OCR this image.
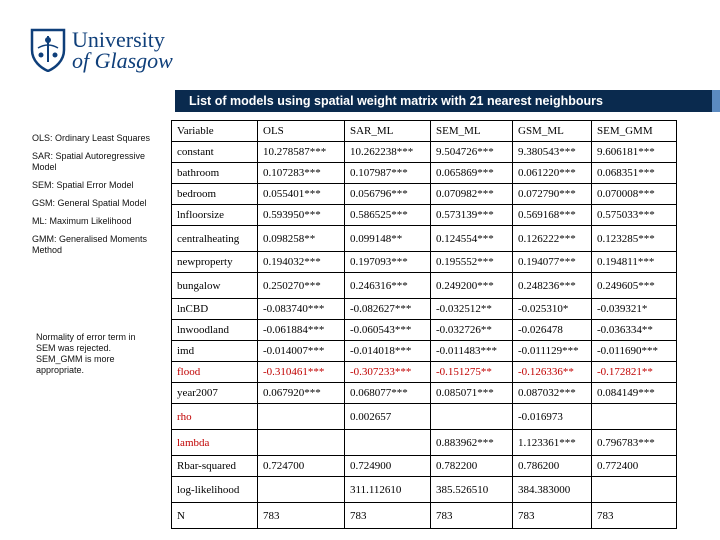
University
of Glasgow
List of models using spatial weight matrix with 21 nearest neighbours
OLS: Ordinary Least Squares
SAR: Spatial Autoregressive Model
SEM: Spatial Error Model
GSM: General Spatial Model
ML: Maximum Likelihood
GMM: Generalised Moments Method
Normality of error term in SEM was rejected. SEM_GMM is more appropriate.
Variable	OLS	SAR_ML	SEM_ML	GSM_ML	SEM_GMM
constant	10.278587***	10.262238***	9.504726***	9.380543***	9.606181***
bathroom	0.107283***	0.107987***	0.065869***	0.061220***	0.068351***
bedroom	0.055401***	0.056796***	0.070982***	0.072790***	0.070008***
lnfloorsize	0.593950***	0.586525***	0.573139***	0.569168***	0.575033***
centralheating	0.098258**	0.099148**	0.124554***	0.126222***	0.123285***
newproperty	0.194032***	0.197093***	0.195552***	0.194077***	0.194811***
bungalow	0.250270***	0.246316***	0.249200***	0.248236***	0.249605***
lnCBD	-0.083740***	-0.082627***	-0.032512**	-0.025310*	-0.039321*
lnwoodland	-0.061884***	-0.060543***	-0.032726**	-0.026478	-0.036334**
imd	-0.014007***	-0.014018***	-0.011483***	-0.011129***	-0.011690***
flood	-0.310461***	-0.307233***	-0.151275**	-0.126336**	-0.172821**
year2007	0.067920***	0.068077***	0.085071***	0.087032***	0.084149***
rho		0.002657		-0.016973	
lambda			0.883962***	1.123361***	0.796783***
Rbar-squared	0.724700	0.724900	0.782200	0.786200	0.772400
log-likelihood		311.112610	385.526510	384.383000	
N	783	783	783	783	783
